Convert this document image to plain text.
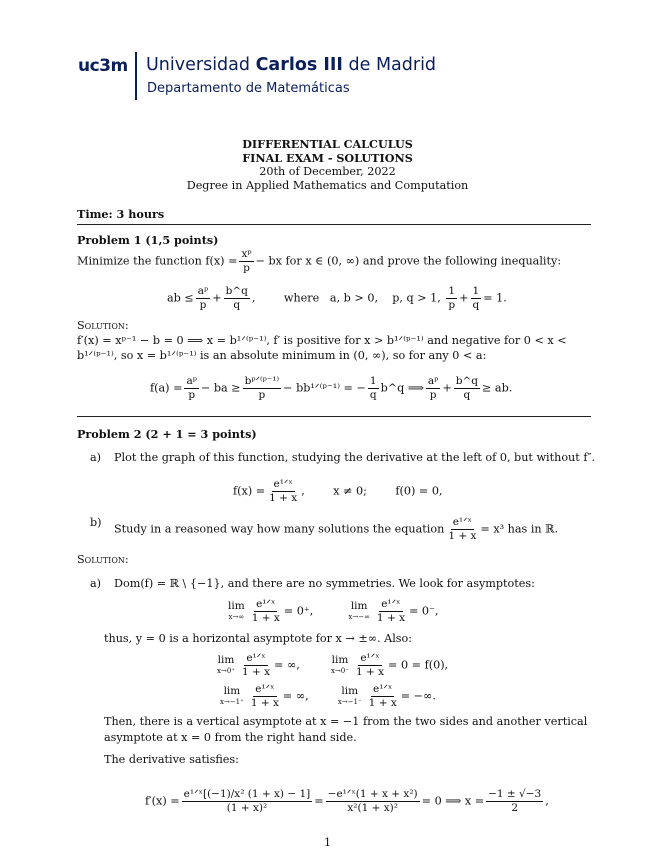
uc3m Universidad Carlos III de Madrid
Departamento de Matemáticas
DIFFERENTIAL CALCULUS
FINAL EXAM - SOLUTIONS
20th of December, 2022
Degree in Applied Mathematics and Computation
Time: 3 hours
Problem 1 (1,5 points)
Minimize the function $f(x) = \frac{\text{xᵖ}}{p}$ − bx for x ∈ (0, ∞) and prove the following inequality:
ab ≤ $\frac{\text{aᵖ}}{p} + \frac{b\^{}q}{q}$ ,        where   a, b > 0,    p, q > 1, $\frac{1}{p} + \frac{1}{q} = 1$.
Solution:
f′(x) = xᵖ⁻¹ − b = 0 ⟹ x = b¹ᐟ⁽ᵖ⁻¹⁾, f′ is positive for x > b¹ᐟ⁽ᵖ⁻¹⁾ and negative for 0 < x <
b¹ᐟ⁽ᵖ⁻¹⁾, so x = b¹ᐟ⁽ᵖ⁻¹⁾ is an absolute minimum in (0, ∞), so for any 0 < a:
$f(a) = \frac{\text{aᵖ}}{p}$ − ba ≥ $\frac{\text{bᵖᐟ⁽ᵖ⁻¹⁾}}{p}$ − bb¹ᐟ⁽ᵖ⁻¹⁾ = − $\frac{1}{q}$ b^q ⟹ $\frac{\text{aᵖ}}{p} + \frac{b\^{}q}{q}$ ≥ ab.
Problem 2 (2 + 1 = 3 points)
a) Plot the graph of this function, studying the derivative at the left of 0, but without f″.
$f(x) = \frac{\text{e¹ᐟˣ}}{1 + x}$ ,        x ≠ 0;        f(0) = 0,
b) Study in a reasoned way how many solutions the equation $\frac{\text{e¹ᐟˣ}}{1 + x} = x^3$ has in ℝ.
Solution:
a) Dom(f) = ℝ \ {−1}, and there are no symmetries. We look for asymptotes:
lim
$x\to\infty \frac{\text{e¹ᐟˣ}}{1 + x} = 0^+$,	lim
$x\to-\infty \frac{\text{e¹ᐟˣ}}{1 + x} = 0^-$,
thus, y = 0 is a horizontal asymptote for x → ±∞. Also:
lim
$x\to 0^+ \frac{\text{e¹ᐟˣ}}{1 + x}$ = ∞,	lim
$x\to 0^- \frac{\text{e¹ᐟˣ}}{1 + x} = 0 = f(0)$,
lim
$x\to-1^+ \frac{\text{e¹ᐟˣ}}{1 + x}$ = ∞,	lim
$x\to-1^- \frac{\text{e¹ᐟˣ}}{1 + x}$ = −∞.
Then, there is a vertical asymptote at x = −1 from the two sides and another vertical
asymptote at x = 0 from the right hand side.
The derivative satisfies:
$f'(x) = \frac{\text{e¹ᐟˣ[(−1)/x² (1 + x) − 1]}}{\text{(1 + x)²}} = \frac{\text{−e¹ᐟˣ(1 + x + x²)}}{\text{x²(1 + x)²}} = 0$ ⟹ $x = \frac{-1 \pm √-3}{2}$ ,
1
